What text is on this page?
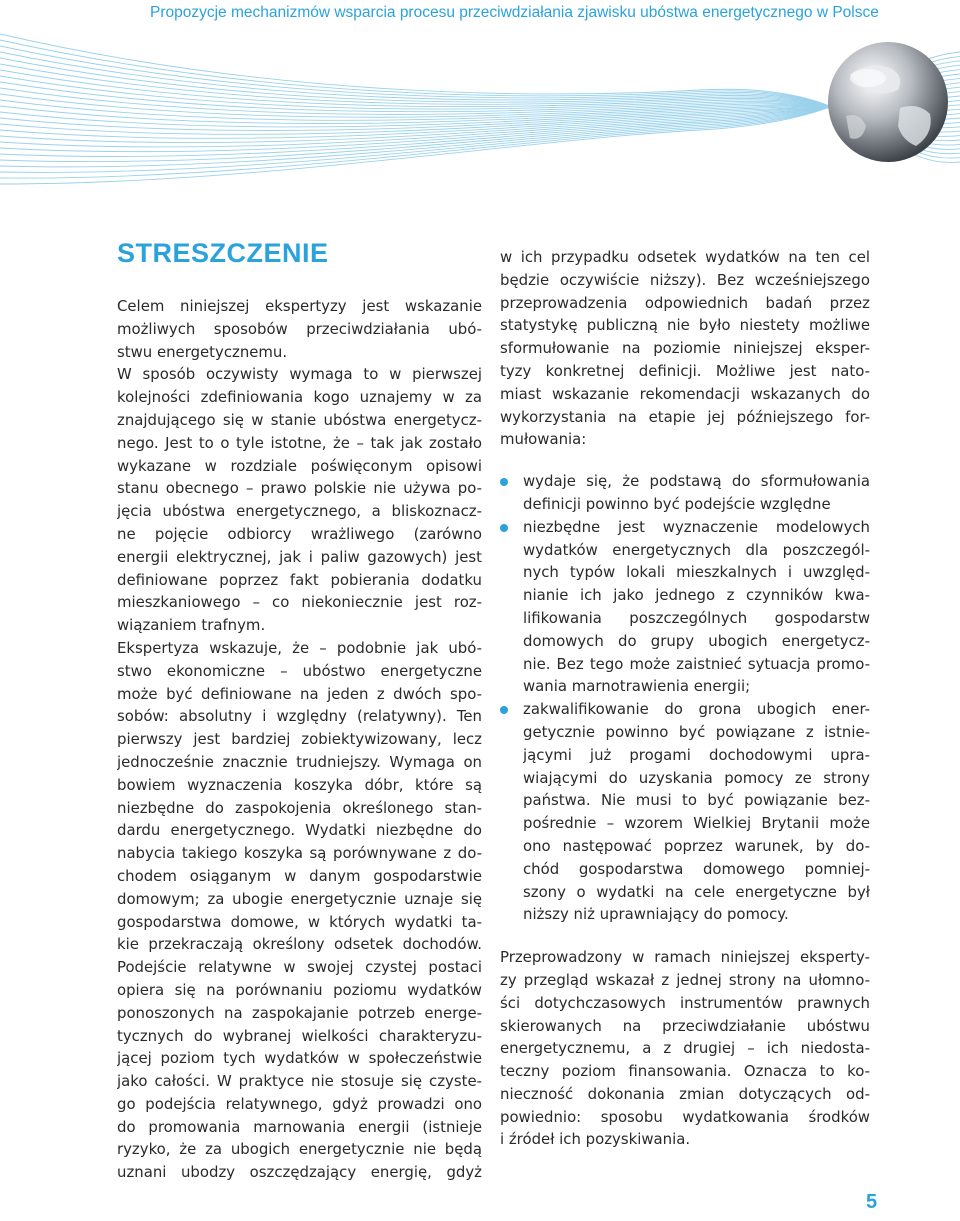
Propozycje mechanizmów wsparcia procesu przeciwdziałania zjawisku ubóstwa energetycznego w Polsce
STRESZCZENIE

Celem niniejszej ekspertyzy jest wskazanie
możliwych sposobów przeciwdziałania ubó-
stwu energetycznemu.

W sposób oczywisty wymaga to w pierwszej
kolejności zdefiniowania kogo uznajemy w za
znajdującego się w stanie ubóstwa energetycz-
nego. Jest to o tyle istotne, że – tak jak zostało
wykazane w rozdziale poświęconym opisowi
stanu obecnego – prawo polskie nie używa po-
jęcia ubóstwa energetycznego, a bliskoznacz-
ne pojęcie odbiorcy wrażliwego (zarówno
energii elektrycznej, jak i paliw gazowych) jest
definiowane poprzez fakt pobierania dodatku
mieszkaniowego – co niekoniecznie jest roz-
wiązaniem trafnym.

Ekspertyza wskazuje, że – podobnie jak ubó-
stwo ekonomiczne – ubóstwo energetyczne
może być definiowane na jeden z dwóch spo-
sobów: absolutny i względny (relatywny). Ten
pierwszy jest bardziej zobiektywizowany, lecz
jednocześnie znacznie trudniejszy. Wymaga on
bowiem wyznaczenia koszyka dóbr, które są
niezbędne do zaspokojenia określonego stan-
dardu energetycznego. Wydatki niezbędne do
nabycia takiego koszyka są porównywane z do-
chodem osiąganym w danym gospodarstwie
domowym; za ubogie energetycznie uznaje się
gospodarstwa domowe, w których wydatki ta-
kie przekraczają określony odsetek dochodów.
Podejście relatywne w swojej czystej postaci
opiera się na porównaniu poziomu wydatków
ponoszonych na zaspokajanie potrzeb energe-
tycznych do wybranej wielkości charakteryzu-
jącej poziom tych wydatków w społeczeństwie
jako całości. W praktyce nie stosuje się czyste-
go podejścia relatywnego, gdyż prowadzi ono
do promowania marnowania energii (istnieje
ryzyko, że za ubogich energetycznie nie będą
uznani ubodzy oszczędzający energię, gdyż

w ich przypadku odsetek wydatków na ten cel
będzie oczywiście niższy). Bez wcześniejszego
przeprowadzenia odpowiednich badań przez
statystykę publiczną nie było niestety możliwe
sformułowanie na poziomie niniejszej eksper-
tyzy konkretnej definicji. Możliwe jest nato-
miast wskazanie rekomendacji wskazanych do
wykorzystania na etapie jej późniejszego for-
mułowania:

wydaje się, że podstawą do sformułowania
definicji powinno być podejście względne
niezbędne jest wyznaczenie modelowych
wydatków energetycznych dla poszczegól-
nych typów lokali mieszkalnych i uwzględ-
nianie ich jako jednego z czynników kwa-
lifikowania poszczególnych gospodarstw
domowych do grupy ubogich energetycz-
nie. Bez tego może zaistnieć sytuacja promo-
wania marnotrawienia energii;
zakwalifikowanie do grona ubogich ener-
getycznie powinno być powiązane z istnie-
jącymi już progami dochodowymi upra-
wiającymi do uzyskania pomocy ze strony
państwa. Nie musi to być powiązanie bez-
pośrednie – wzorem Wielkiej Brytanii może
ono następować poprzez warunek, by do-
chód gospodarstwa domowego pomniej-
szony o wydatki na cele energetyczne był
niższy niż uprawniający do pomocy.

Przeprowadzony w ramach niniejszej eksperty-
zy przegląd wskazał z jednej strony na ułomno-
ści dotychczasowych instrumentów prawnych
skierowanych na przeciwdziałanie ubóstwu
energetycznemu, a z drugiej – ich niedosta-
teczny poziom finansowania. Oznacza to ko-
nieczność dokonania zmian dotyczących od-
powiednio: sposobu wydatkowania środków
i źródeł ich pozyskiwania.

5
